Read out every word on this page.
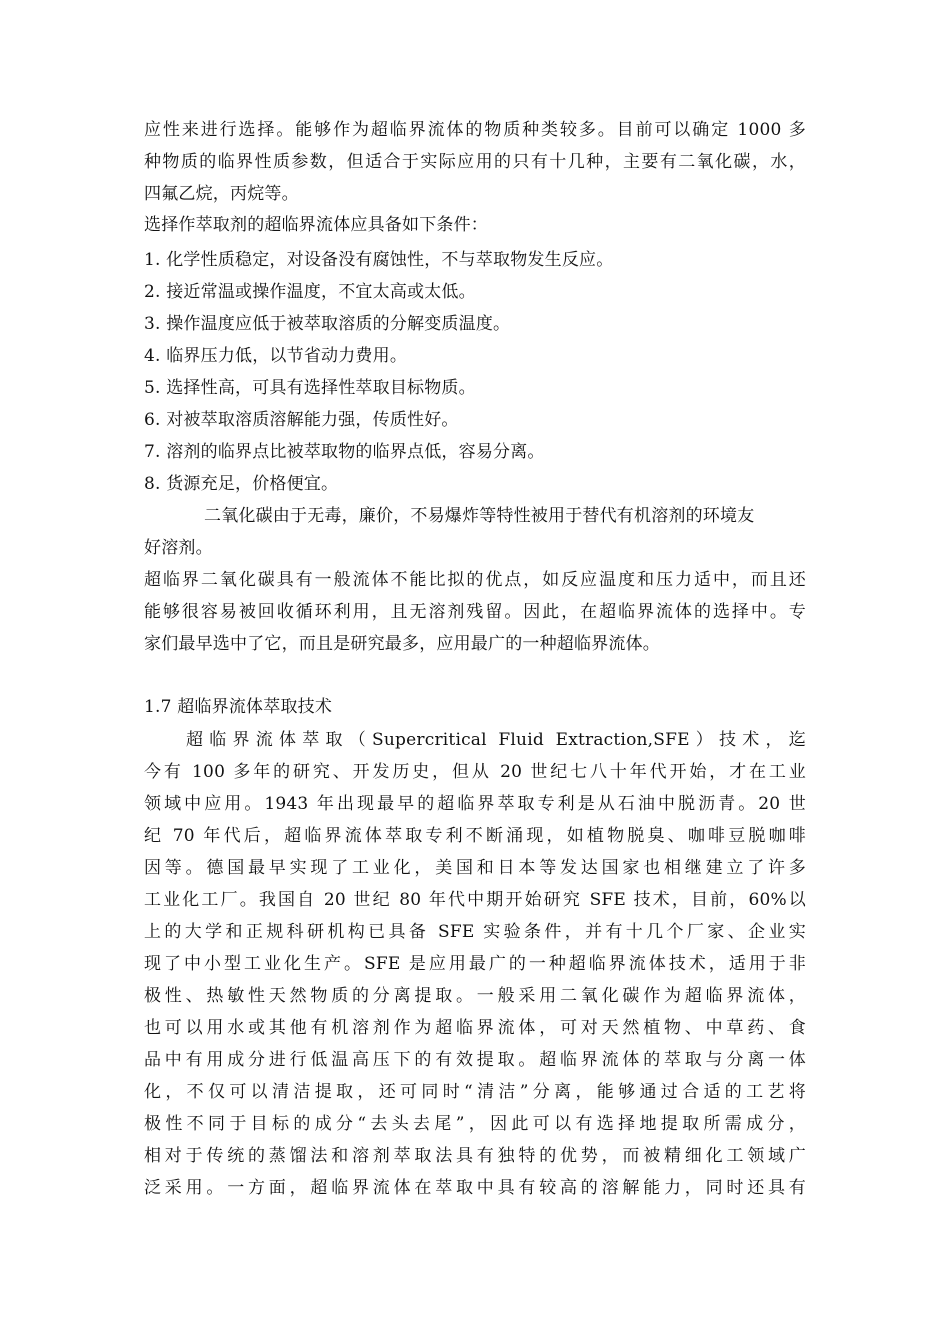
应性来进行选择。能够作为超临界流体的物质种类较多。目前可以确定 1000 多
种物质的临界性质参数，但适合于实际应用的只有十几种，主要有二氧化碳，水，
四氟乙烷，丙烷等。
选择作萃取剂的超临界流体应具备如下条件：
1. 化学性质稳定，对设备没有腐蚀性，不与萃取物发生反应。
2. 接近常温或操作温度，不宜太高或太低。
3. 操作温度应低于被萃取溶质的分解变质温度。
4. 临界压力低，以节省动力费用。
5. 选择性高，可具有选择性萃取目标物质。
6. 对被萃取溶质溶解能力强，传质性好。
7. 溶剂的临界点比被萃取物的临界点低，容易分离。
8. 货源充足，价格便宜。
二氧化碳由于无毒，廉价，不易爆炸等特性被用于替代有机溶剂的环境友
好溶剂。
超临界二氧化碳具有一般流体不能比拟的优点，如反应温度和压力适中，而且还
能够很容易被回收循环利用，且无溶剂残留。因此，在超临界流体的选择中。专
家们最早选中了它，而且是研究最多，应用最广的一种超临界流体。
1.7 超临界流体萃取技术
超临界流体萃取（Supercritical Fluid Extraction,SFE）技术，迄
今有 100 多年的研究、开发历史，但从 20 世纪七八十年代开始，才在工业
领域中应用。1943 年出现最早的超临界萃取专利是从石油中脱沥青。20 世
纪 70 年代后，超临界流体萃取专利不断涌现，如植物脱臭、咖啡豆脱咖啡
因等。德国最早实现了工业化，美国和日本等发达国家也相继建立了许多
工业化工厂。我国自 20 世纪 80 年代中期开始研究 SFE 技术，目前，60%以
上的大学和正规科研机构已具备 SFE 实验条件，并有十几个厂家、企业实
现了中小型工业化生产。SFE 是应用最广的一种超临界流体技术，适用于非
极性、热敏性天然物质的分离提取。一般采用二氧化碳作为超临界流体，
也可以用水或其他有机溶剂作为超临界流体，可对天然植物、中草药、食
品中有用成分进行低温高压下的有效提取。超临界流体的萃取与分离一体
化，不仅可以清洁提取，还可同时“清洁”分离，能够通过合适的工艺将
极性不同于目标的成分“去头去尾”，因此可以有选择地提取所需成分，
相对于传统的蒸馏法和溶剂萃取法具有独特的优势，而被精细化工领域广
泛采用。一方面，超临界流体在萃取中具有较高的溶解能力，同时还具有
